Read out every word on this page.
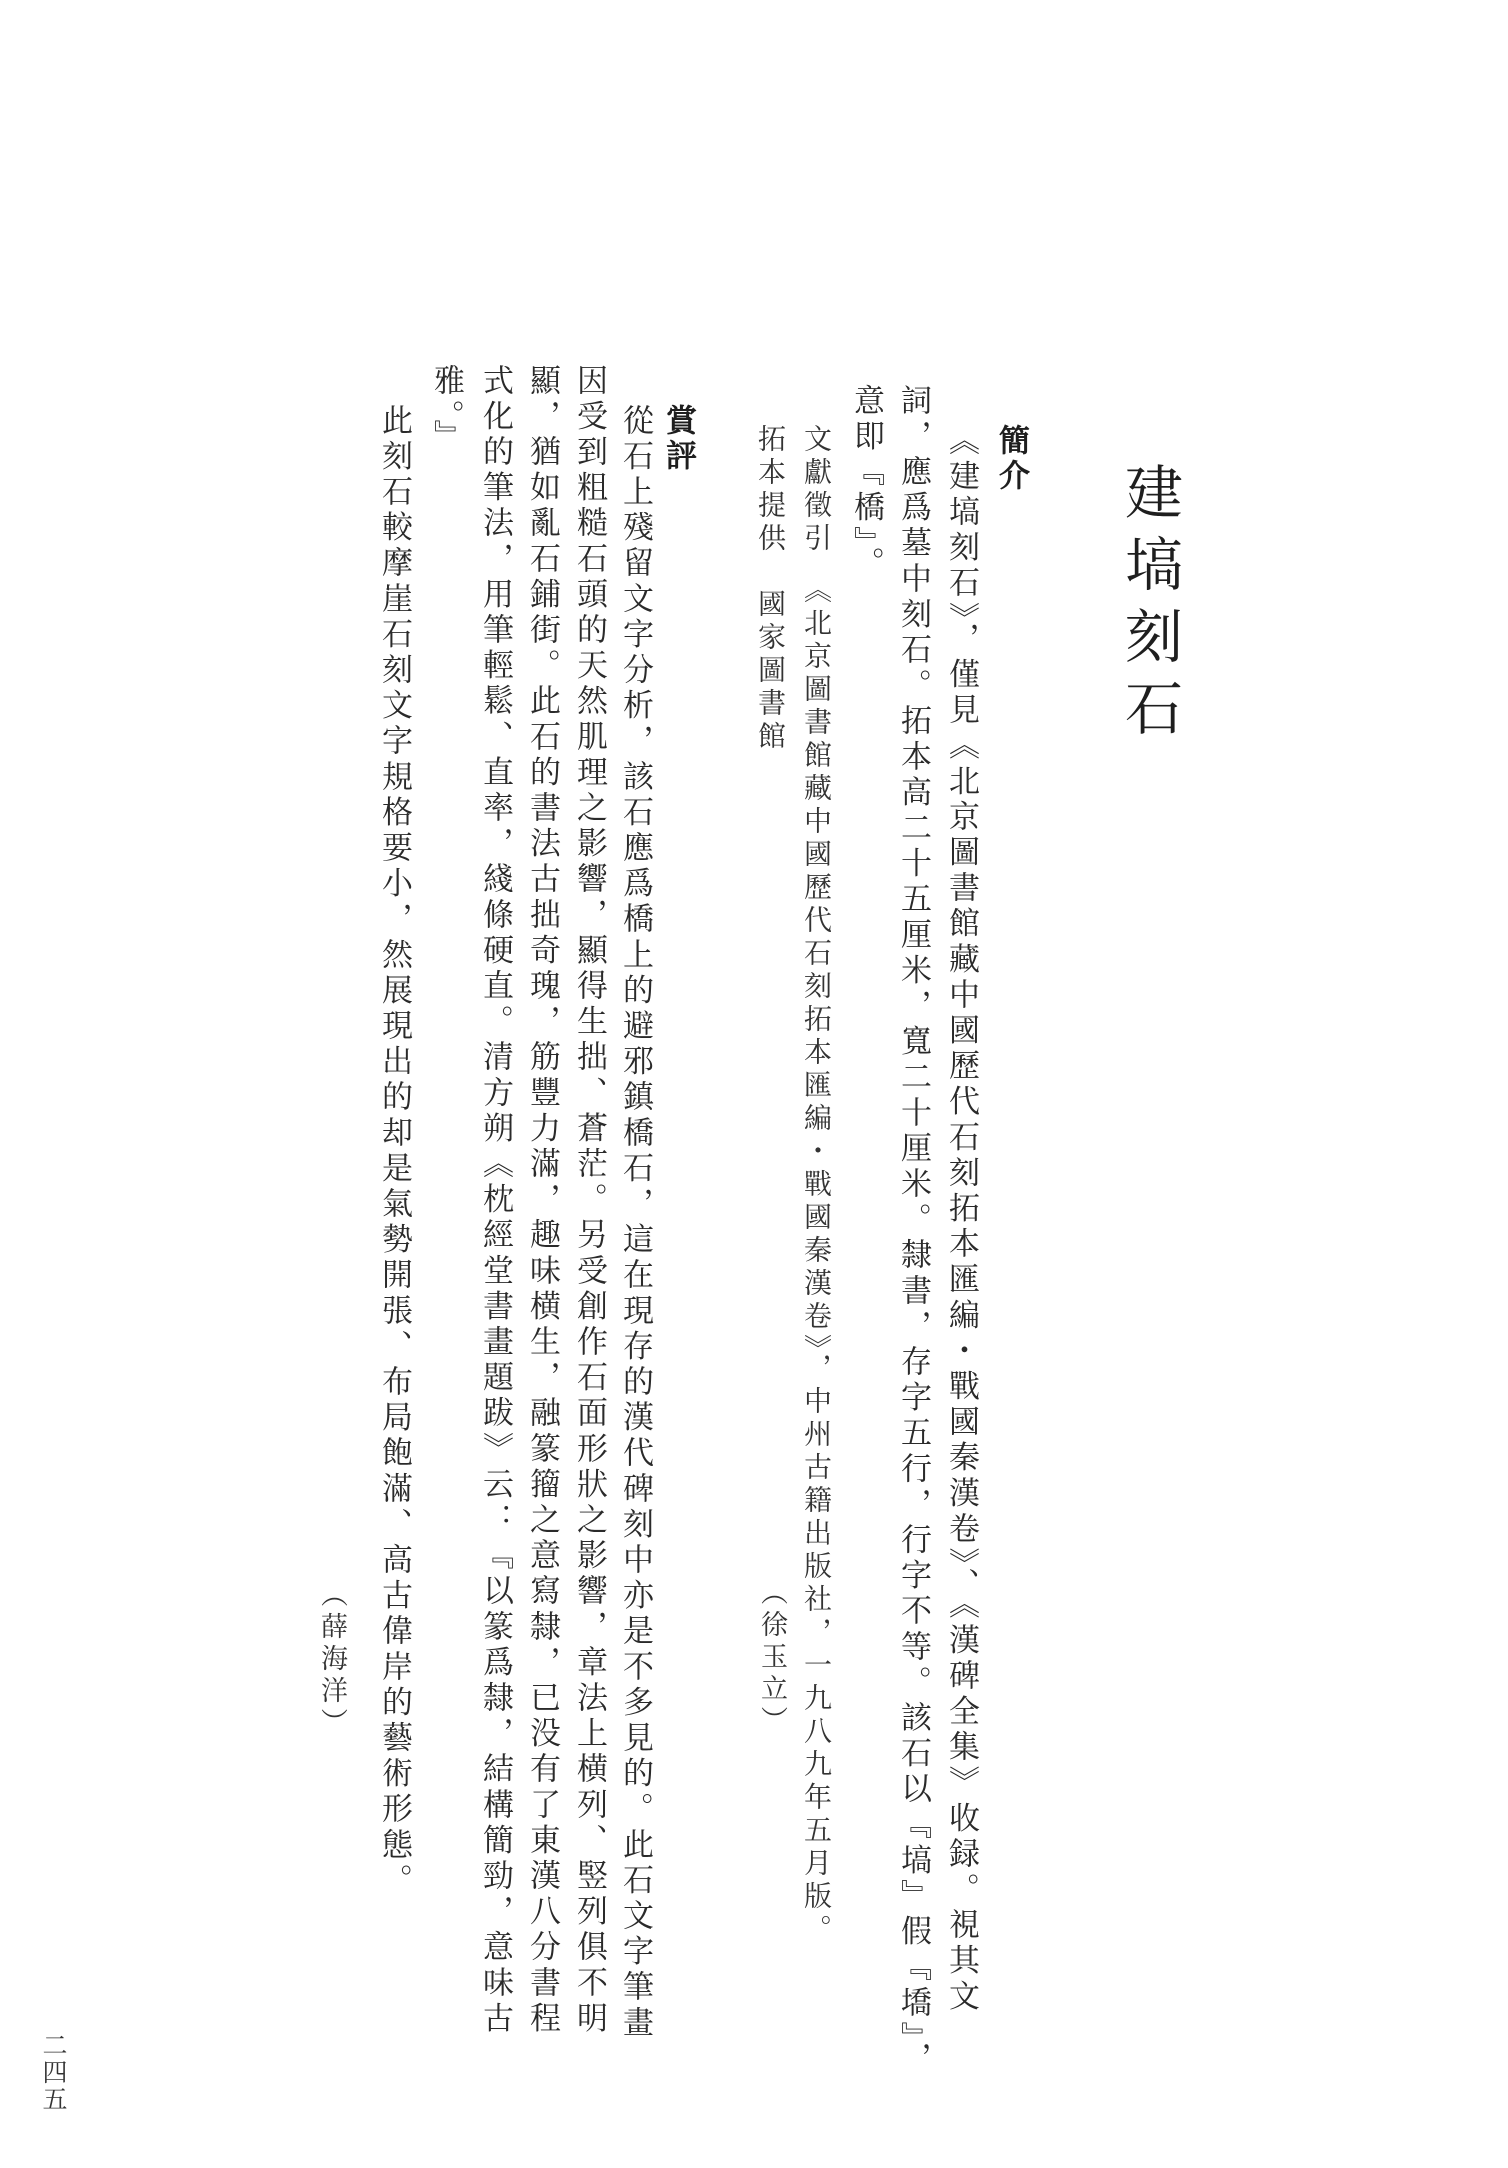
建塙刻石
簡介
《建塙刻石》，僅見《北京圖書館藏中國歷代石刻拓本匯編・戰國秦漢卷》、《漢碑全集》收録。視其文
詞，應爲墓中刻石。拓本高二十五厘米，寬二十厘米。隸書，存字五行，行字不等。該石以『塙』假『墧』，
意即『橋』。
文獻徵引　《北京圖書館藏中國歷代石刻拓本匯編・戰國秦漢卷》，中州古籍出版社，一九八九年五月版。
拓本提供　國家圖書館
（徐玉立）
賞評
從石上殘留文字分析，該石應爲橋上的避邪鎮橋石，這在現存的漢代碑刻中亦是不多見的。此石文字筆畫
因受到粗糙石頭的天然肌理之影響，顯得生拙、蒼茫。另受創作石面形狀之影響，章法上横列、竪列俱不明
顯，猶如亂石鋪街。此石的書法古拙奇瑰，筋豐力滿，趣味横生，融篆籀之意寫隸，已没有了東漢八分書程
式化的筆法，用筆輕鬆、直率，綫條硬直。清方朔《枕經堂書畫題跋》云：『以篆爲隸，結構簡勁，意味古
雅。』
此刻石較摩崖石刻文字規格要小，然展現出的却是氣勢開張、布局飽滿、高古偉岸的藝術形態。
（薛海洋）
二四五
